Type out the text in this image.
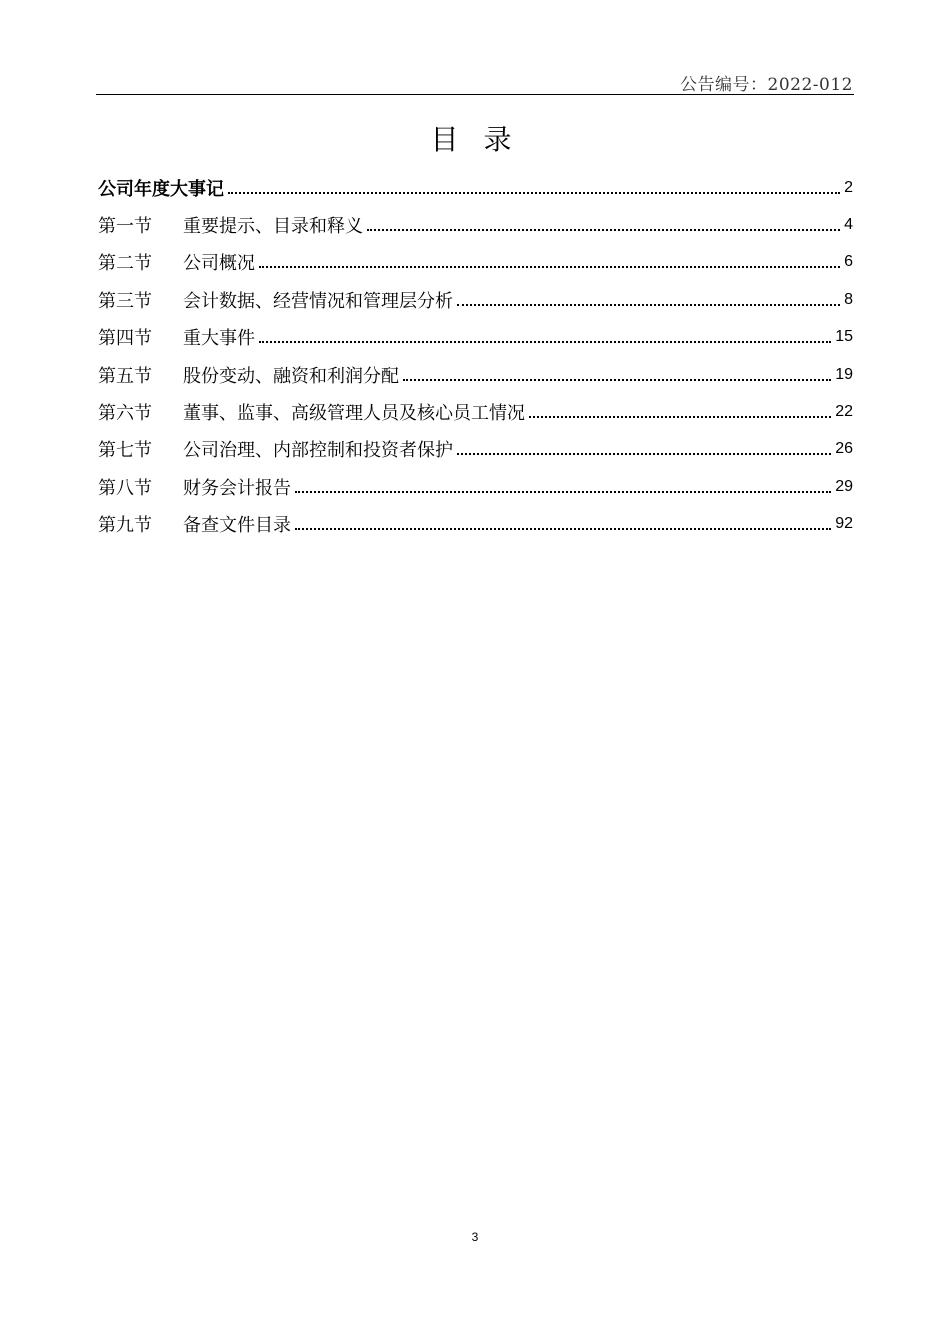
公告编号：2022-012
目 录
公司年度大事记	2
第一节	重要提示、目录和释义	4
第二节	公司概况	6
第三节	会计数据、经营情况和管理层分析	8
第四节	重大事件	15
第五节	股份变动、融资和利润分配	19
第六节	董事、监事、高级管理人员及核心员工情况	22
第七节	公司治理、内部控制和投资者保护	26
第八节	财务会计报告	29
第九节	备查文件目录	92
3
